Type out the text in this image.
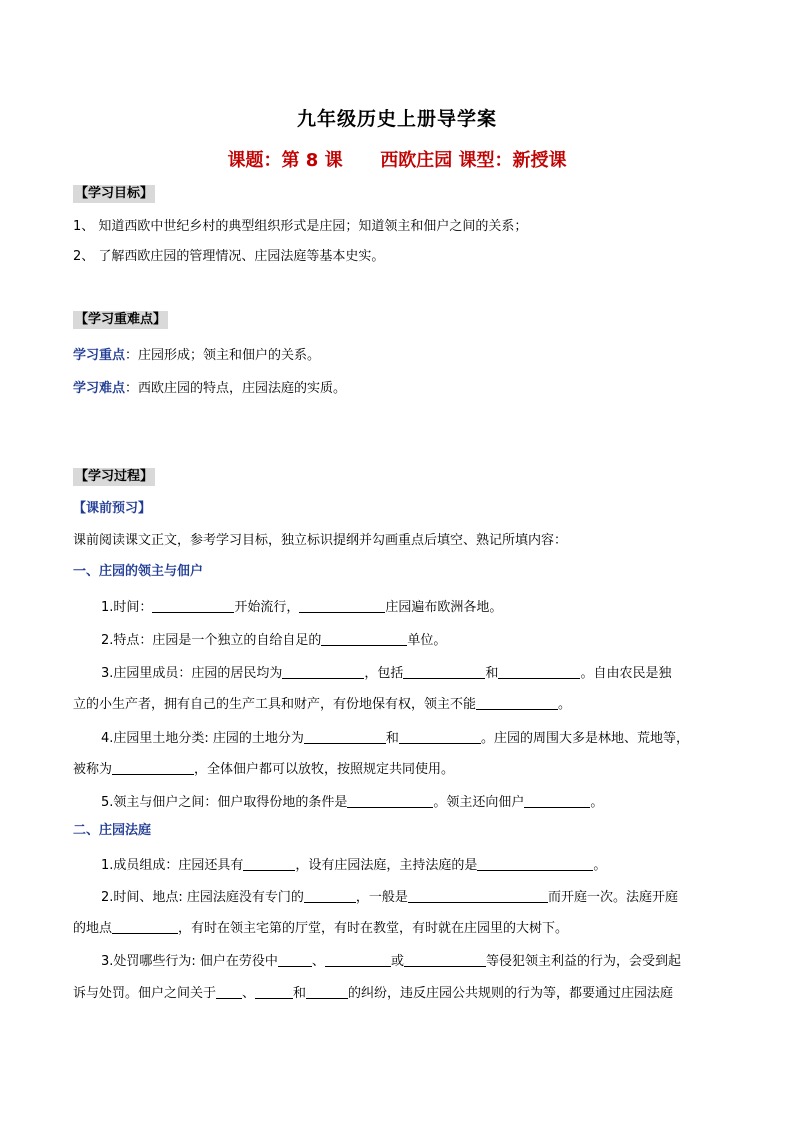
九年级历史上册导学案
课题：第 8 课      西欧庄园 课型：新授课
【学习目标】
1、 知道西欧中世纪乡村的典型组织形式是庄园；知道领主和佃户之间的关系；
2、 了解西欧庄园的管理情况、庄园法庭等基本史实。
【学习重难点】
学习重点：庄园形成；领主和佃户的关系。
学习难点：西欧庄园的特点，庄园法庭的实质。
【学习过程】
【课前预习】
课前阅读课文正文，参考学习目标，独立标识提纲并勾画重点后填空、熟记所填内容：
一、庄园的领主与佃户
1.时间：	开始流行，	庄园遍布欧洲各地。
2.特点：庄园是一个独立的自给自足的	单位。
3.庄园里成员：庄园的居民均为	，包括	和	。自由农民是独
立的小生产者，拥有自己的生产工具和财产，有份地保有权，领主不能	。
4.庄园里土地分类: 庄园的土地分为	和	。庄园的周围大多是林地、荒地等，
被称为	，全体佃户都可以放牧，按照规定共同使用。
5.领主与佃户之间：佃户取得份地的条件是	。领主还向佃户	。
二、庄园法庭
1.成员组成：庄园还具有	，设有庄园法庭，主持法庭的是	。
2.时间、地点: 庄园法庭没有专门的	，一般是	而开庭一次。法庭开庭
的地点	，有时在领主宅第的厅堂，有时在教堂，有时就在庄园里的大树下。
3.处罚哪些行为: 佃户在劳役中	、	或	等侵犯领主利益的行为，会受到起
诉与处罚。佃户之间关于 、	和	的纠纷，违反庄园公共规则的行为等，都要通过庄园法庭
